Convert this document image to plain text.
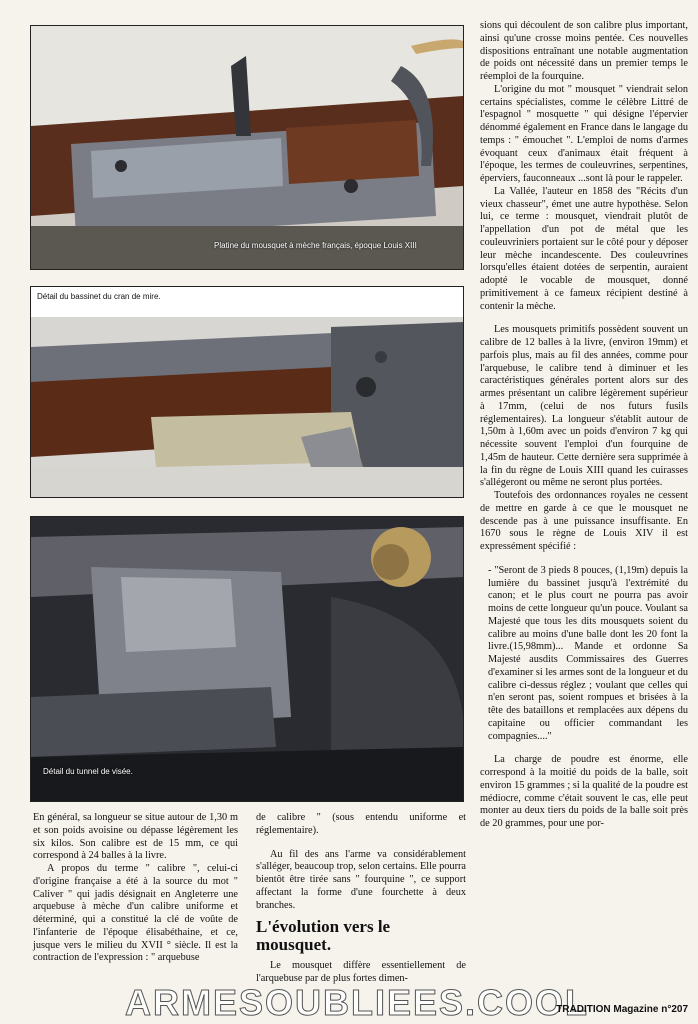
Platine du mousquet à mèche français, époque Louis XIII
Détail du bassinet du cran de mire.
Détail du tunnel de visée.

En général, sa longueur se situe autour de 1,30 m et son poids avoisine ou dépasse légèrement les six kilos. Son calibre est de 15 mm, ce qui correspond à 24 balles à la livre.

A propos du terme " calibre ", celui-ci d'origine française a été à la source du mot " Caliver " qui jadis désignait en Angleterre une arquebuse à mèche d'un calibre uniforme et déterminé, qui a constitué la clé de voûte de l'infanterie de l'époque élisabéthaine, et ce, jusque vers le milieu du XVII ° siècle. Il est la contraction de l'expression : " arquebuse

de calibre " (sous entendu uniforme et réglementaire).

Au fil des ans l'arme va considérablement s'alléger, beaucoup trop, selon certains. Elle pourra bientôt être tirée sans " fourquine ", ce support affectant la forme d'une fourchette à deux branches.

L'évolution vers le mousquet.

Le mousquet diffère essentiellement de l'arquebuse par de plus fortes dimen-

sions qui découlent de son calibre plus important, ainsi qu'une crosse moins pentée. Ces nouvelles dispositions entraînant une notable augmentation de poids ont nécessité dans un premier temps le réemploi de la fourquine.

L'origine du mot " mousquet " viendrait selon certains spécialistes, comme le célèbre Littré de l'espagnol " mosquette " qui désigne l'épervier dénommé également en France dans le langage du temps : " émouchet ". L'emploi de noms d'armes évoquant ceux d'animaux était fréquent à l'époque, les termes de couleuvrines, serpentines, éperviers, fauconneaux ...sont là pour le rappeler.

La Vallée, l'auteur en 1858 des "Récits d'un vieux chasseur", émet une autre hypothèse. Selon lui, ce terme : mousquet, viendrait plutôt de l'appellation d'un pot de métal que les couleuvriniers portaient sur le côté pour y déposer leur mèche incandescente. Des couleuvrines lorsqu'elles étaient dotées de serpentin, auraient adopté le vocable de mousquet, donné primitivement à ce fameux récipient destiné à contenir la mèche.

Les mousquets primitifs possèdent souvent un calibre de 12 balles à la livre, (environ 19mm) et parfois plus, mais au fil des années, comme pour l'arquebuse, le calibre tend à diminuer et les caractéristiques générales portent alors sur des armes présentant un calibre légèrement supérieur à 17mm, (celui de nos futurs fusils réglementaires). La longueur s'établit autour de 1,50m à 1,60m avec un poids d'environ 7 kg qui nécessite souvent l'emploi d'un fourquine de 1,45m de hauteur. Cette dernière sera supprimée à la fin du règne de Louis XIII quand les cuirasses s'allégeront ou même ne seront plus portées.

Toutefois des ordonnances royales ne cessent de mettre en garde à ce que le mousquet ne descende pas à une puissance insuffisante. En 1670 sous le règne de Louis XIV il est expressément spécifié :

- "Seront de 3 pieds 8 pouces, (1,19m) depuis la lumière du bassinet jusqu'à l'extrémité du canon; et le plus court ne pourra pas avoir moins de cette longueur qu'un pouce. Voulant sa Majesté que tous les dits mousquets soient du calibre au moins d'une balle dont les 20 font la livre.(15,98mm)... Mande et ordonne Sa Majesté ausdits Commissaires des Guerres d'examiner si les armes sont de la longueur et du calibre ci-dessus réglez ; voulant que celles qui n'en seront pas, soient rompues et brisées à la tête des bataillons et remplacées aux dépens du capitaine ou officier commandant les compagnies...."

La charge de poudre est énorme, elle correspond à la moitié du poids de la balle, soit environ 15 grammes ; si la qualité de la poudre est médiocre, comme c'était souvent le cas, elle peut monter au deux tiers du poids de la balle soit près de 20 grammes, pour une por-

ARMESOUBLIEES.COOL
TRADITION Magazine n°207
